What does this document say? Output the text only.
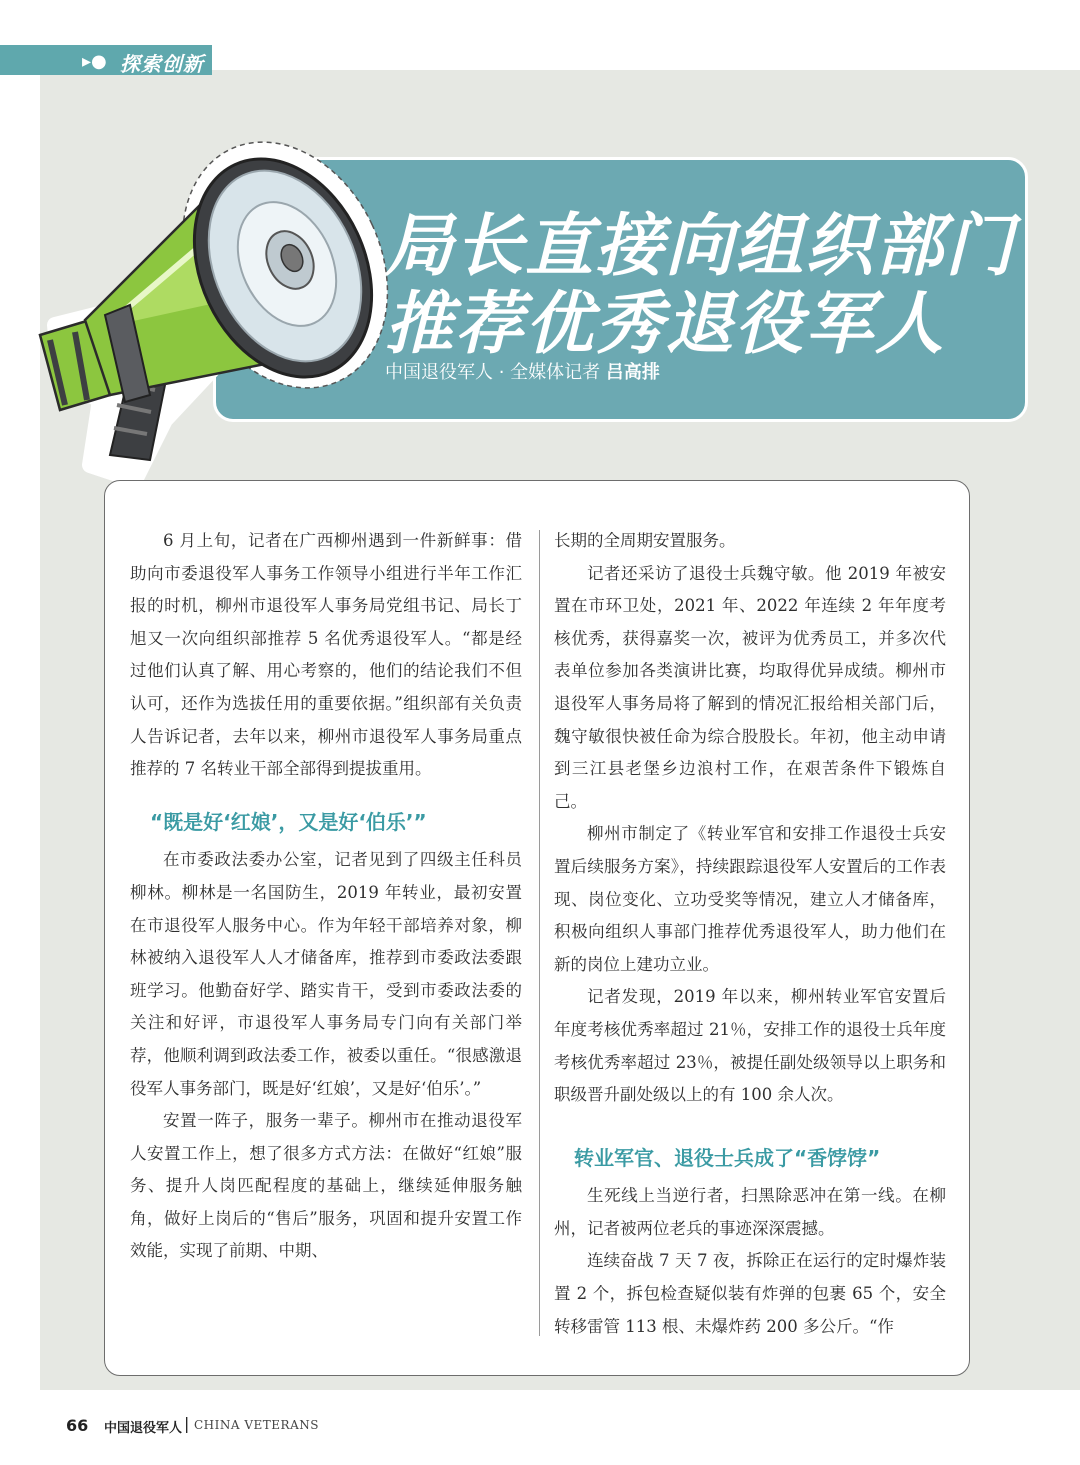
▸● 探索创新
局长直接向组织部门
推荐优秀退役军人
中国退役军人 · 全媒体记者 吕高排

6 月上旬，记者在广西柳州遇到一件新鲜事：借助向市委退役军人事务工作领导小组进行半年工作汇报的时机，柳州市退役军人事务局党组书记、局长丁旭又一次向组织部推荐 5 名优秀退役军人。“都是经过他们认真了解、用心考察的，他们的结论我们不但认可，还作为选拔任用的重要依据。”组织部有关负责人告诉记者，去年以来，柳州市退役军人事务局重点推荐的 7 名转业干部全部得到提拔重用。

“既是好‘红娘’，又是好‘伯乐’”

在市委政法委办公室，记者见到了四级主任科员柳林。柳林是一名国防生，2019 年转业，最初安置在市退役军人服务中心。作为年轻干部培养对象，柳林被纳入退役军人人才储备库，推荐到市委政法委跟班学习。他勤奋好学、踏实肯干，受到市委政法委的关注和好评，市退役军人事务局专门向有关部门举荐，他顺利调到政法委工作，被委以重任。“很感激退役军人事务部门，既是好‘红娘’，又是好‘伯乐’。”

安置一阵子，服务一辈子。柳州市在推动退役军人安置工作上，想了很多方式方法：在做好“红娘”服务、提升人岗匹配程度的基础上，继续延伸服务触角，做好上岗后的“售后”服务，巩固和提升安置工作效能，实现了前期、中期、

长期的全周期安置服务。

记者还采访了退役士兵魏守敏。他 2019 年被安置在市环卫处，2021 年、2022 年连续 2 年年度考核优秀，获得嘉奖一次，被评为优秀员工，并多次代表单位参加各类演讲比赛，均取得优异成绩。柳州市退役军人事务局将了解到的情况汇报给相关部门后，魏守敏很快被任命为综合股股长。年初，他主动申请到三江县老堡乡边浪村工作，在艰苦条件下锻炼自己。

柳州市制定了《转业军官和安排工作退役士兵安置后续服务方案》，持续跟踪退役军人安置后的工作表现、岗位变化、立功受奖等情况，建立人才储备库，积极向组织人事部门推荐优秀退役军人，助力他们在新的岗位上建功立业。

记者发现，2019 年以来，柳州转业军官安置后年度考核优秀率超过 21％，安排工作的退役士兵年度考核优秀率超过 23％，被提任副处级领导以上职务和职级晋升副处级以上的有 100 余人次。

转业军官、退役士兵成了“香饽饽”

生死线上当逆行者，扫黑除恶冲在第一线。在柳州，记者被两位老兵的事迹深深震撼。

连续奋战 7 天 7 夜，拆除正在运行的定时爆炸装置 2 个，拆包检查疑似装有炸弹的包裹 65 个，安全转移雷管 113 根、未爆炸药 200 多公斤。“作

66 中国退役军人 | CHINA VETERANS
